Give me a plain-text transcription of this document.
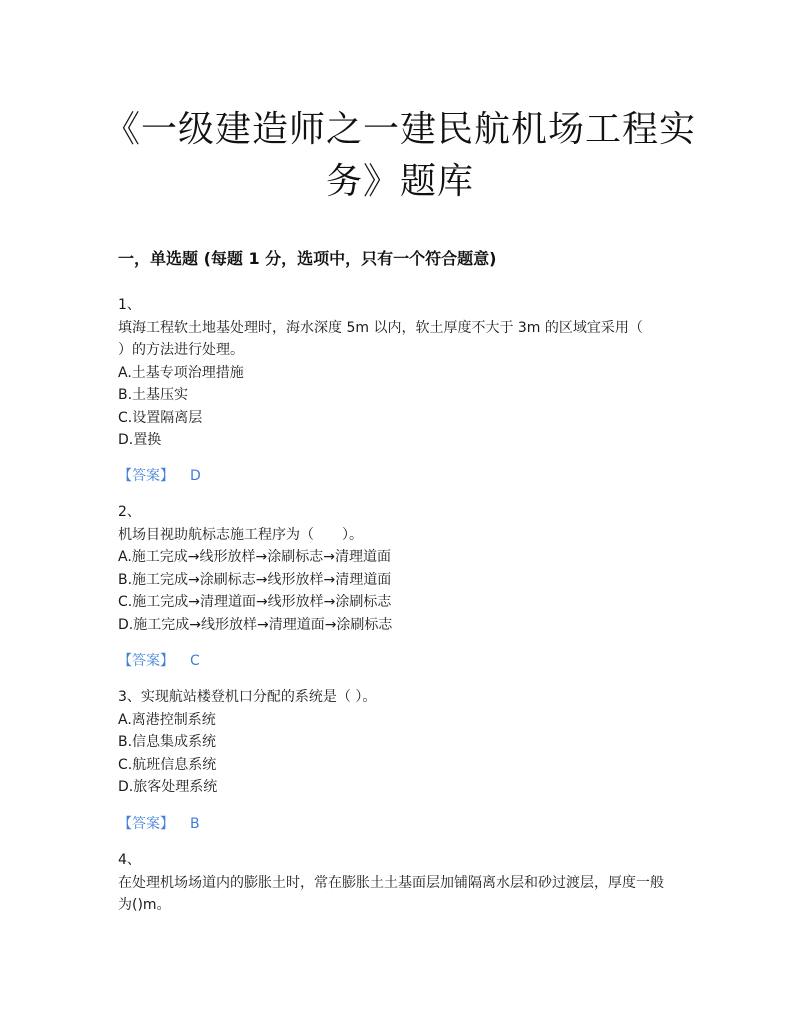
《一级建造师之一建民航机场工程实
务》题库
一，单选题 (每题 1 分，选项中，只有一个符合题意)
1、
填海工程软土地基处理时，海水深度 5m 以内，软土厚度不大于 3m 的区域宜采用（
）的方法进行处理。
A.土基专项治理措施
B.土基压实
C.设置隔离层
D.置换
【答案】 D
2、
机场目视助航标志施工程序为（　　）。
A.施工完成→线形放样→涂刷标志→清理道面
B.施工完成→涂刷标志→线形放样→清理道面
C.施工完成→清理道面→线形放样→涂刷标志
D.施工完成→线形放样→清理道面→涂刷标志
【答案】 C
3、实现航站楼登机口分配的系统是（ ）。
A.离港控制系统
B.信息集成系统
C.航班信息系统
D.旅客处理系统
【答案】 B
4、
在处理机场场道内的膨胀土时，常在膨胀土土基面层加铺隔离水层和砂过渡层，厚度一般
为()m。
